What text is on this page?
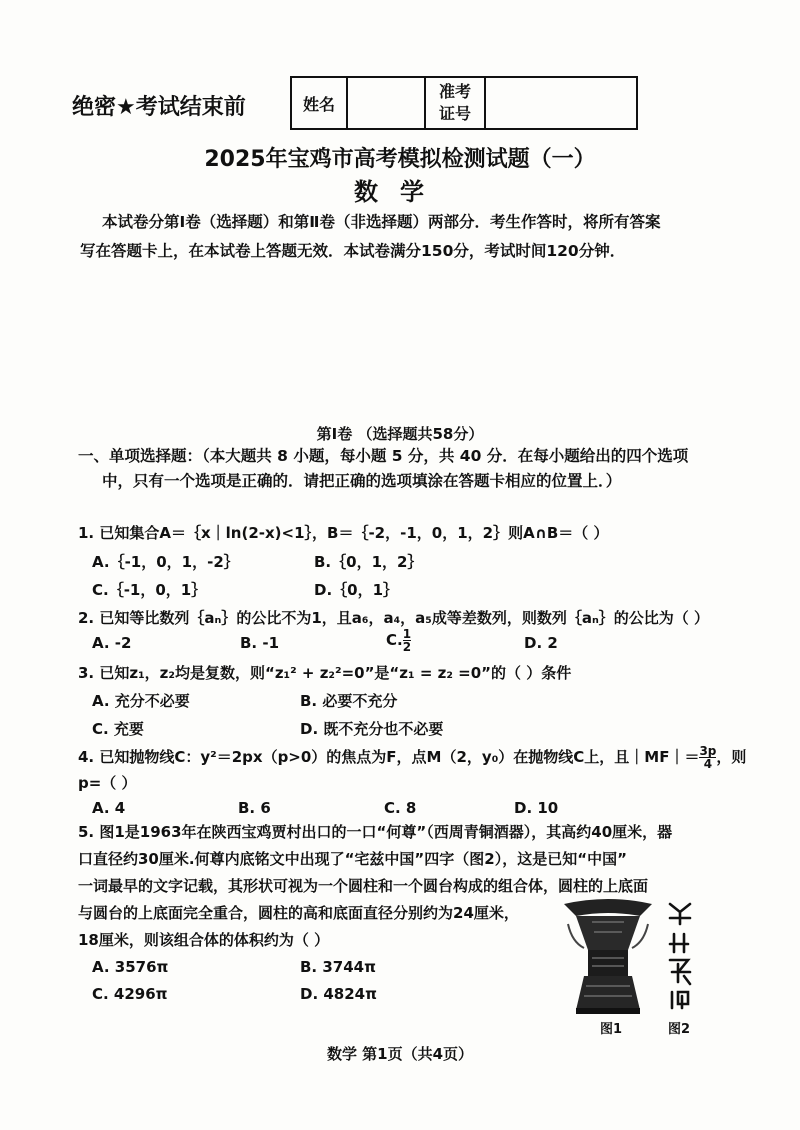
绝密★考试结束前	姓名		准考
证号	
2025年宝鸡市高考模拟检测试题（一）
数学
本试卷分第Ⅰ卷（选择题）和第Ⅱ卷（非选择题）两部分．考生作答时，将所有答案
写在答题卡上，在本试卷上答题无效．本试卷满分150分，考试时间120分钟．
第Ⅰ卷 （选择题共58分）
一、单项选择题：（本大题共 8 小题，每小题 5 分，共 40 分．在每小题给出的四个选项
中，只有一个选项是正确的．请把正确的选项填涂在答题卡相应的位置上．）
1. 已知集合A＝｛x｜ln(2-x)<1｝，B＝｛-2，-1，0，1，2｝则A∩B＝（ ）
A.｛-1，0，1，-2｝	B.｛0，1，2｝
C.｛-1，0，1｝	D.｛0，1｝
2. 已知等比数列｛aₙ｝的公比不为1，且a₆，a₄，a₅成等差数列，则数列｛aₙ｝的公比为（ ）
A. -2	B. -1	C. $\frac{1}{2}$	D. 2
3. 已知z₁，z₂均是复数，则“z₁² + z₂²=0”是“z₁ = z₂ =0”的（ ）条件
A. 充分不必要	B. 必要不充分
C. 充要	D. 既不充分也不必要
4. 已知抛物线C：y²＝2px（p>0）的焦点为F，点M（2，y₀）在抛物线C上，且｜MF｜＝ $\frac{3p}{4}$ ，则
p=（ ）
A. 4	B. 6	C. 8	D. 10
5. 图1是1963年在陕西宝鸡贾村出口的一口“何尊”（西周青铜酒器），其高约40厘米，器
口直径约30厘米.何尊内底铭文中出现了“宅兹中国”四字（图2），这是已知“中国”
一词最早的文字记载，其形状可视为一个圆柱和一个圆台构成的组合体，圆柱的上底面
与圆台的上底面完全重合，圆柱的高和底面直径分别约为24厘米，
18厘米，则该组合体的体积约为（ ）
A. 3576π	B. 3744π
C. 4296π	D. 4824π
图1	图2
数学 第1页（共4页）
